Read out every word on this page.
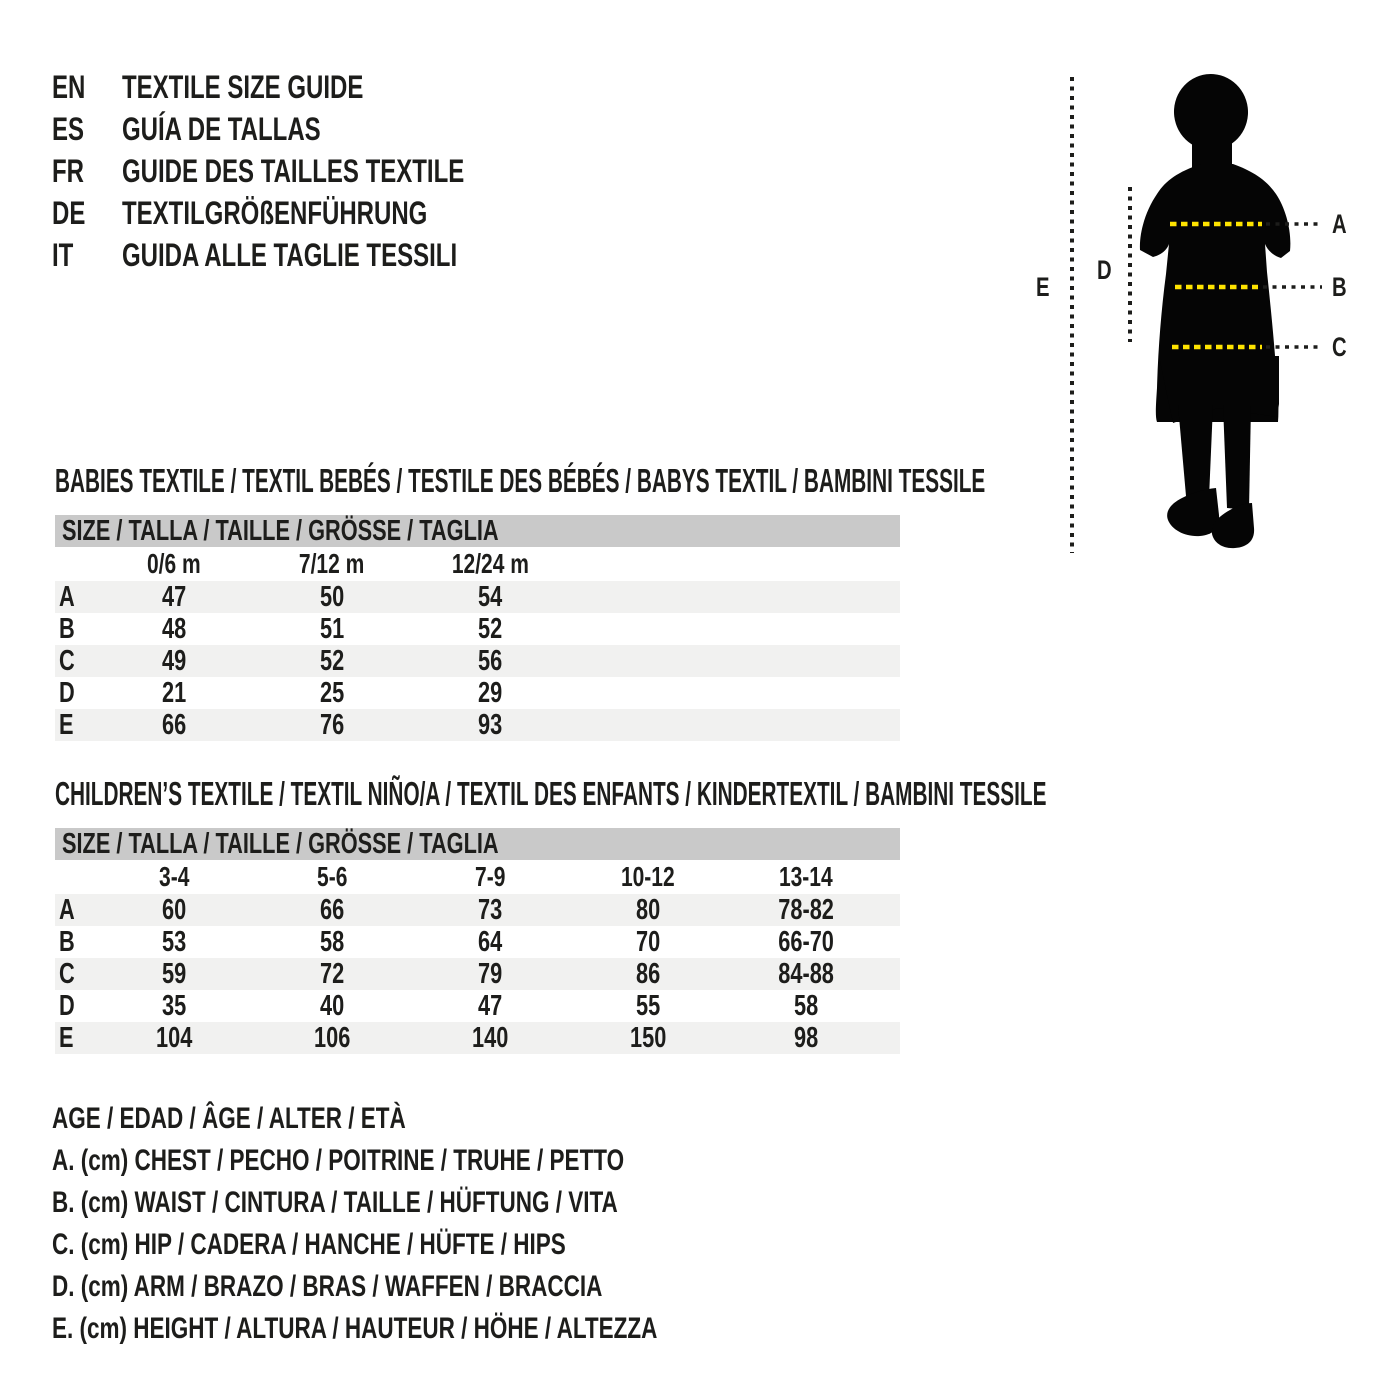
EN	TEXTILE SIZE GUIDE
ES	GUÍA DE TALLAS
FR	GUIDE DES TAILLES TEXTILE
DE	TEXTILGRÖßENFÜHRUNG
IT GUIDA ALLE TAGLIE TESSILI
E
D
A
B
C
BABIES TEXTILE / TEXTIL BEBÉS / TESTILE DES BÉBÉS / BABYS TEXTIL / BAMBINI TESSILE
SIZE / TALLA / TAILLE / GRÖSSE / TAGLIA
0/6 m	7/12 m	12/24 m
A	47	50	54
B	48	51	52
C	49	52	56
D	21	25	29
E	66	76	93
CHILDREN’S TEXTILE / TEXTIL NIÑO/A / TEXTIL DES ENFANTS / KINDERTEXTIL / BAMBINI TESSILE
SIZE / TALLA / TAILLE / GRÖSSE / TAGLIA
3-4	5-6	7-9	10-12	13-14
A	60	66	73	80	78-82
B	53	58	64	70	66-70
C	59	72	79	86	84-88
D	35	40	47	55	58
E	104	106	140	150	98
AGE / EDAD / ÂGE / ALTER / ETÀ
A. (cm) CHEST / PECHO / POITRINE / TRUHE / PETTO
B. (cm) WAIST / CINTURA / TAILLE / HÜFTUNG / VITA
C. (cm) HIP / CADERA / HANCHE / HÜFTE / HIPS
D. (cm) ARM / BRAZO / BRAS / WAFFEN / BRACCIA
E. (cm) HEIGHT / ALTURA / HAUTEUR / HÖHE / ALTEZZA
